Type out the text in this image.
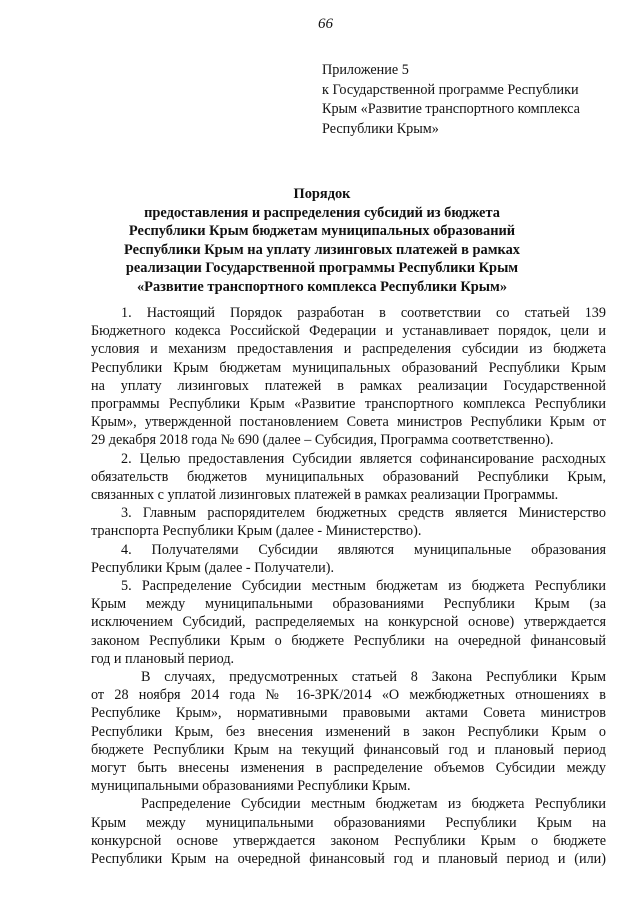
66
Приложение 5
к Государственной программе Республики
Крым «Развитие транспортного комплекса
Республики Крым»
Порядок
предоставления и распределения субсидий из бюджета
Республики Крым бюджетам муниципальных образований
Республики Крым на уплату лизинговых платежей в рамках
реализации Государственной программы Республики Крым
«Развитие транспортного комплекса Республики Крым»
1. Настоящий Порядок разработан в соответствии со статьей 139
Бюджетного кодекса Российской Федерации и устанавливает порядок, цели и
условия и механизм предоставления и распределения субсидии из бюджета
Республики Крым бюджетам муниципальных образований Республики Крым
на уплату лизинговых платежей в рамках реализации Государственной
программы Республики Крым «Развитие транспортного комплекса Республики
Крым», утвержденной постановлением Совета министров Республики Крым от
29 декабря 2018 года № 690 (далее – Субсидия, Программа соответственно).
2. Целью предоставления Субсидии является софинансирование расходных
обязательств бюджетов муниципальных образований Республики Крым,
связанных с уплатой лизинговых платежей в рамках реализации Программы.
3. Главным распорядителем бюджетных средств является Министерство
транспорта Республики Крым (далее - Министерство).
4. Получателями Субсидии являются муниципальные образования
Республики Крым (далее - Получатели).
5. Распределение Субсидии местным бюджетам из бюджета Республики
Крым между муниципальными образованиями Республики Крым (за
исключением Субсидий, распределяемых на конкурсной основе) утверждается
законом Республики Крым о бюджете Республики на очередной финансовый
год и плановый период.
В случаях, предусмотренных статьей 8 Закона Республики Крым
от 28 ноября 2014 года № 16-ЗРК/2014 «О межбюджетных отношениях в
Республике Крым», нормативными правовыми актами Совета министров
Республики Крым, без внесения изменений в закон Республики Крым о
бюджете Республики Крым на текущий финансовый год и плановый период
могут быть внесены изменения в распределение объемов Субсидии между
муниципальными образованиями Республики Крым.
Распределение Субсидии местным бюджетам из бюджета Республики
Крым между муниципальными образованиями Республики Крым на
конкурсной основе утверждается законом Республики Крым о бюджете
Республики Крым на очередной финансовый год и плановый период и (или)
